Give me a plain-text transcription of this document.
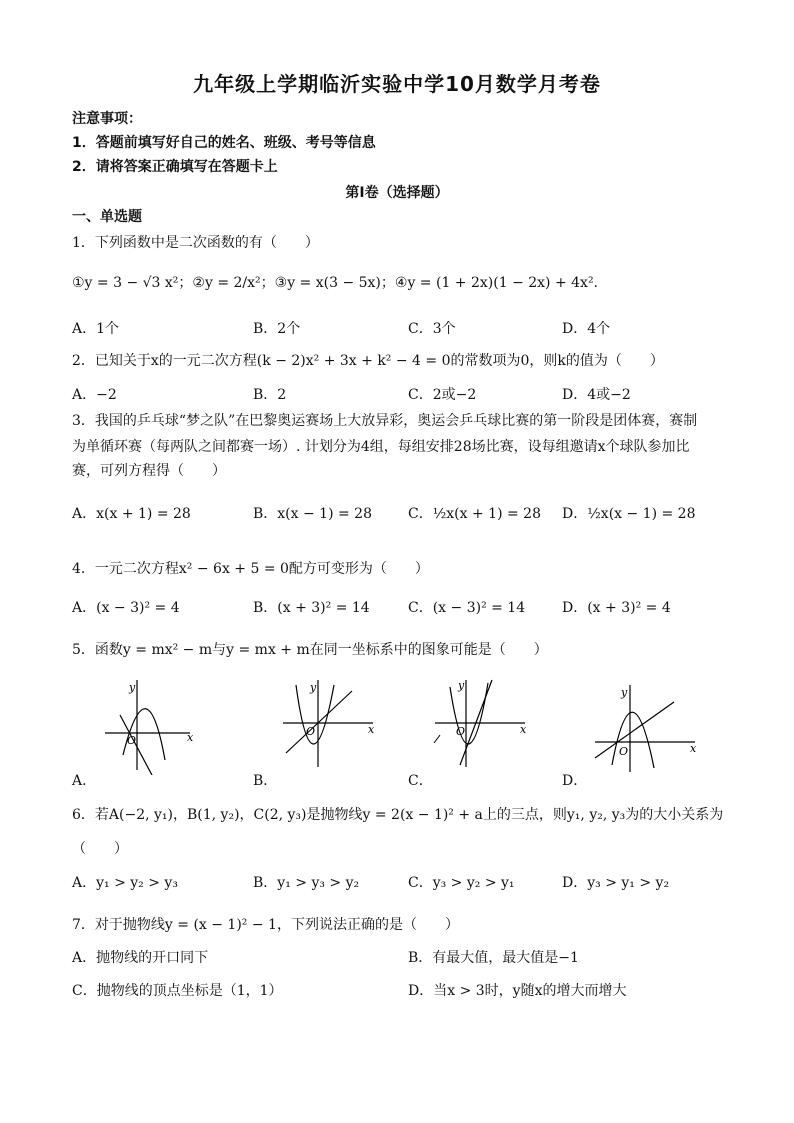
九年级上学期临沂实验中学10月数学月考卷
注意事项：
1．答题前填写好自己的姓名、班级、考号等信息
2．请将答案正确填写在答题卡上
第Ⅰ卷（选择题）
一、单选题
1．下列函数中是二次函数的有（　　）
①y = 3 − √3 x²；②y = 2/x²；③y = x(3 − 5x)；④y = (1 + 2x)(1 − 2x) + 4x².
A．1个	B．2个	C．3个	D．4个
2．已知关于x的一元二次方程(k − 2)x² + 3x + k² − 4 = 0的常数项为0，则k的值为（　　）
A．−2	B．2	C．2或−2	D．4或−2
3．我国的乒乓球“梦之队”在巴黎奥运赛场上大放异彩，奥运会乒乓球比赛的第一阶段是团体赛，赛制
为单循环赛（每两队之间都赛一场）. 计划分为4组，每组安排28场比赛，设每组邀请x个球队参加比
赛，可列方程得（　　）
A．x(x + 1) = 28	B．x(x − 1) = 28	C．½x(x + 1) = 28 D．½x(x − 1) = 28
4．一元二次方程x² − 6x + 5 = 0配方可变形为（　　）
A．(x − 3)² = 4	B．(x + 3)² = 14	C．(x − 3)² = 14	D．(x + 3)² = 4
5．函数y = mx² − m与y = mx + m在同一坐标系中的图象可能是（　　）
x
y
O
A．
x
y
O
B．
x
y
O
C．
x
y
O
D．
6．若A(−2, y₁)，B(1, y₂)，C(2, y₃)是抛物线y = 2(x − 1)² + a上的三点，则y₁, y₂, y₃为的大小关系为
（　　）
A．y₁ > y₂ > y₃	B．y₁ > y₃ > y₂	C．y₃ > y₂ > y₁	D．y₃ > y₁ > y₂
7．对于抛物线y = (x − 1)² − 1，下列说法正确的是（　　）
A．抛物线的开口同下	B．有最大值，最大值是−1
C．抛物线的顶点坐标是（1，1）	D．当x > 3时，y随x的增大而增大
